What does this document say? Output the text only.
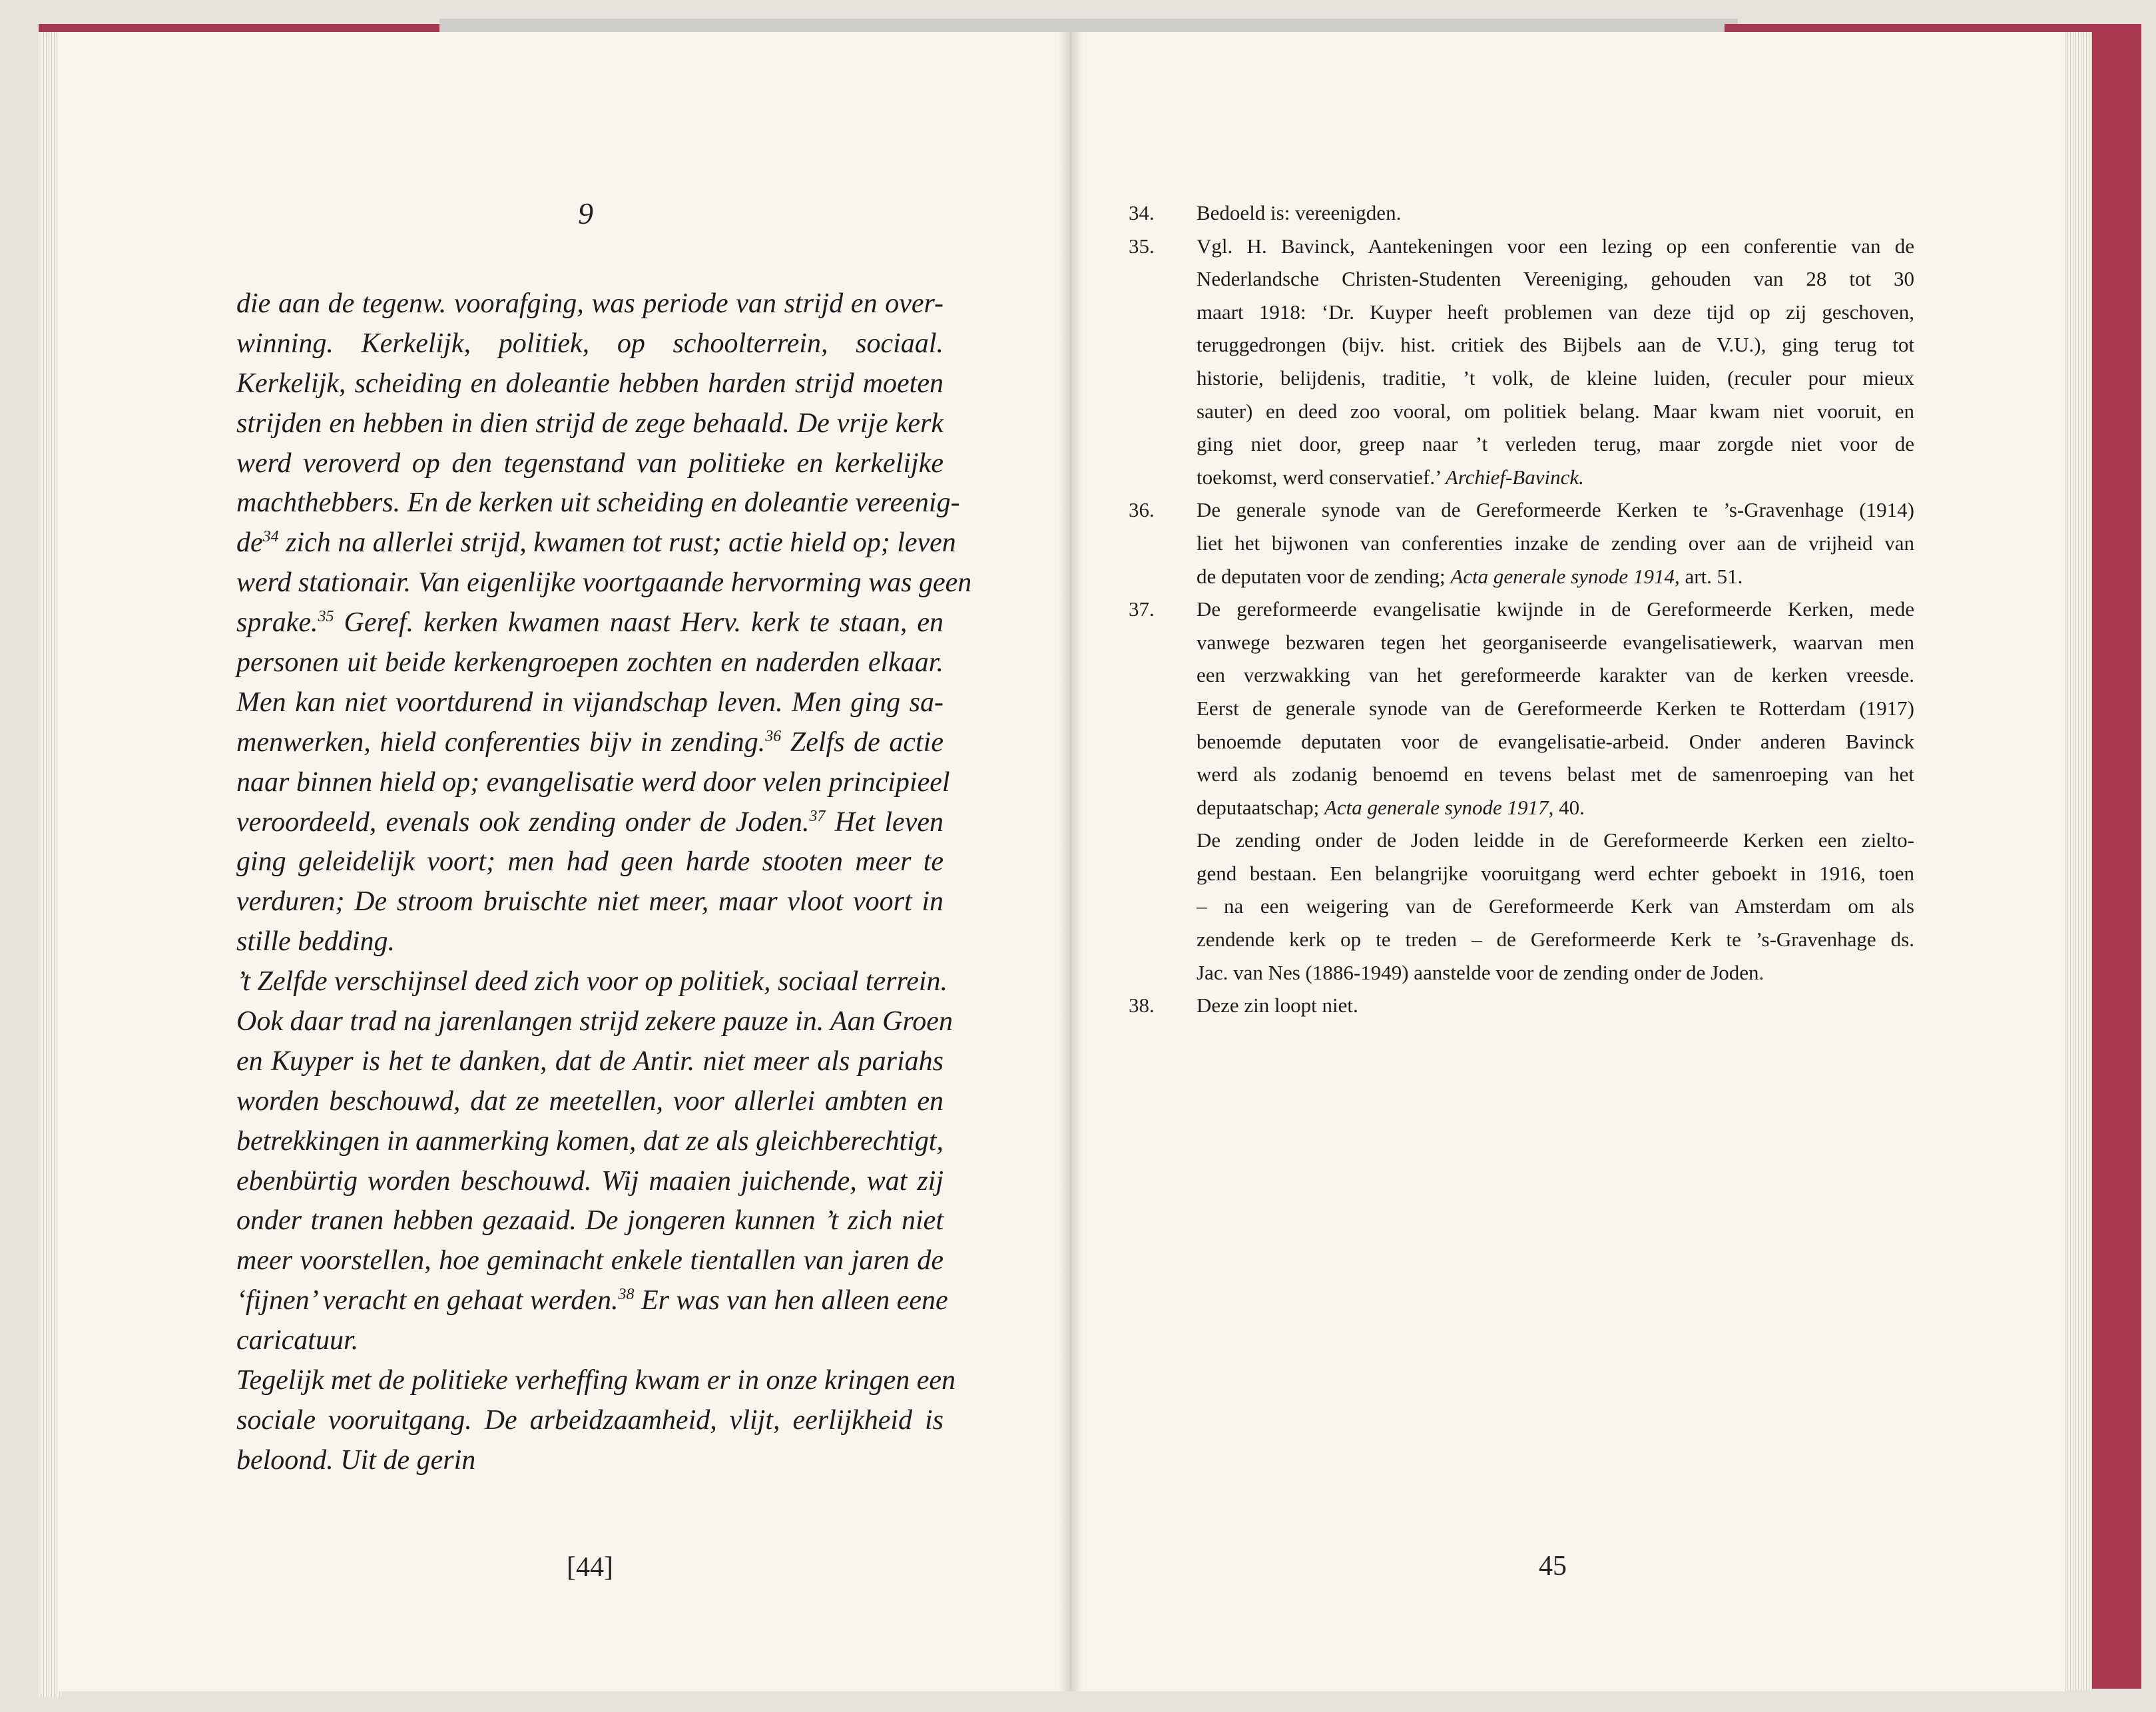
9
die aan de tegenw. voorafging, was periode van strijd en over-
winning. Kerkelijk, politiek, op schoolterrein, sociaal.
Kerkelijk, scheiding en doleantie hebben harden strijd moeten
strijden en hebben in dien strijd de zege behaald. De vrije kerk
werd veroverd op den tegenstand van politieke en kerkelijke
machthebbers. En de kerken uit scheiding en doleantie vereenig-
$de^{34}$ zich na allerlei strijd, kwamen tot rust; actie hield op; leven
werd stationair. Van eigenlijke voortgaande hervorming was geen
sprake.$^{35}$ Geref. kerken kwamen naast Herv. kerk te staan, en
personen uit beide kerkengroepen zochten en naderden elkaar.
Men kan niet voortdurend in vijandschap leven. Men ging sa-
menwerken, hield conferenties bijv in zending.$^{36}$ Zelfs de actie
naar binnen hield op; evangelisatie werd door velen principieel
veroordeeld, evenals ook zending onder de Joden.$^{37}$ Het leven
ging geleidelijk voort; men had geen harde stooten meer te
verduren; De stroom bruischte niet meer, maar vloot voort in
stille bedding.
’t Zelfde verschijnsel deed zich voor op politiek, sociaal terrein.
Ook daar trad na jarenlangen strijd zekere pauze in. Aan Groen
en Kuyper is het te danken, dat de Antir. niet meer als pariahs
worden beschouwd, dat ze meetellen, voor allerlei ambten en
betrekkingen in aanmerking komen, dat ze als gleichberechtigt,
ebenbürtig worden beschouwd. Wij maaien juichende, wat zij
onder tranen hebben gezaaid. De jongeren kunnen ’t zich niet
meer voorstellen, hoe geminacht enkele tientallen van jaren de
‘fijnen’ veracht en gehaat werden.$^{38}$ Er was van hen alleen eene
caricatuur.
Tegelijk met de politieke verheffing kwam er in onze kringen een
sociale vooruitgang. De arbeidzaamheid, vlijt, eerlijkheid is
beloond. Uit de gerin
[44]
34.	Bedoeld is: vereenigden.
35.	Vgl. H. Bavinck, Aantekeningen voor een lezing op een conferentie van de
Nederlandsche Christen-Studenten Vereeniging, gehouden van 28 tot 30
maart 1918: ‘Dr. Kuyper heeft problemen van deze tijd op zij geschoven,
teruggedrongen (bijv. hist. critiek des Bijbels aan de V.U.), ging terug tot
historie, belijdenis, traditie, ’t volk, de kleine luiden, (reculer pour mieux
sauter) en deed zoo vooral, om politiek belang. Maar kwam niet vooruit, en
ging niet door, greep naar ’t verleden terug, maar zorgde niet voor de
toekomst, werd conservatief.’ Archief-Bavinck.
36.	De generale synode van de Gereformeerde Kerken te ’s-Gravenhage (1914)
liet het bijwonen van conferenties inzake de zending over aan de vrijheid van
de deputaten voor de zending; Acta generale synode 1914, art. 51.
37.	De gereformeerde evangelisatie kwijnde in de Gereformeerde Kerken, mede
vanwege bezwaren tegen het georganiseerde evangelisatiewerk, waarvan men
een verzwakking van het gereformeerde karakter van de kerken vreesde.
Eerst de generale synode van de Gereformeerde Kerken te Rotterdam (1917)
benoemde deputaten voor de evangelisatie-arbeid. Onder anderen Bavinck
werd als zodanig benoemd en tevens belast met de samenroeping van het
deputaatschap; Acta generale synode 1917, 40.
De zending onder de Joden leidde in de Gereformeerde Kerken een zielto-
gend bestaan. Een belangrijke vooruitgang werd echter geboekt in 1916, toen
– na een weigering van de Gereformeerde Kerk van Amsterdam om als
zendende kerk op te treden – de Gereformeerde Kerk te ’s-Gravenhage ds.
Jac. van Nes (1886-1949) aanstelde voor de zending onder de Joden.
38.	Deze zin loopt niet.
45
